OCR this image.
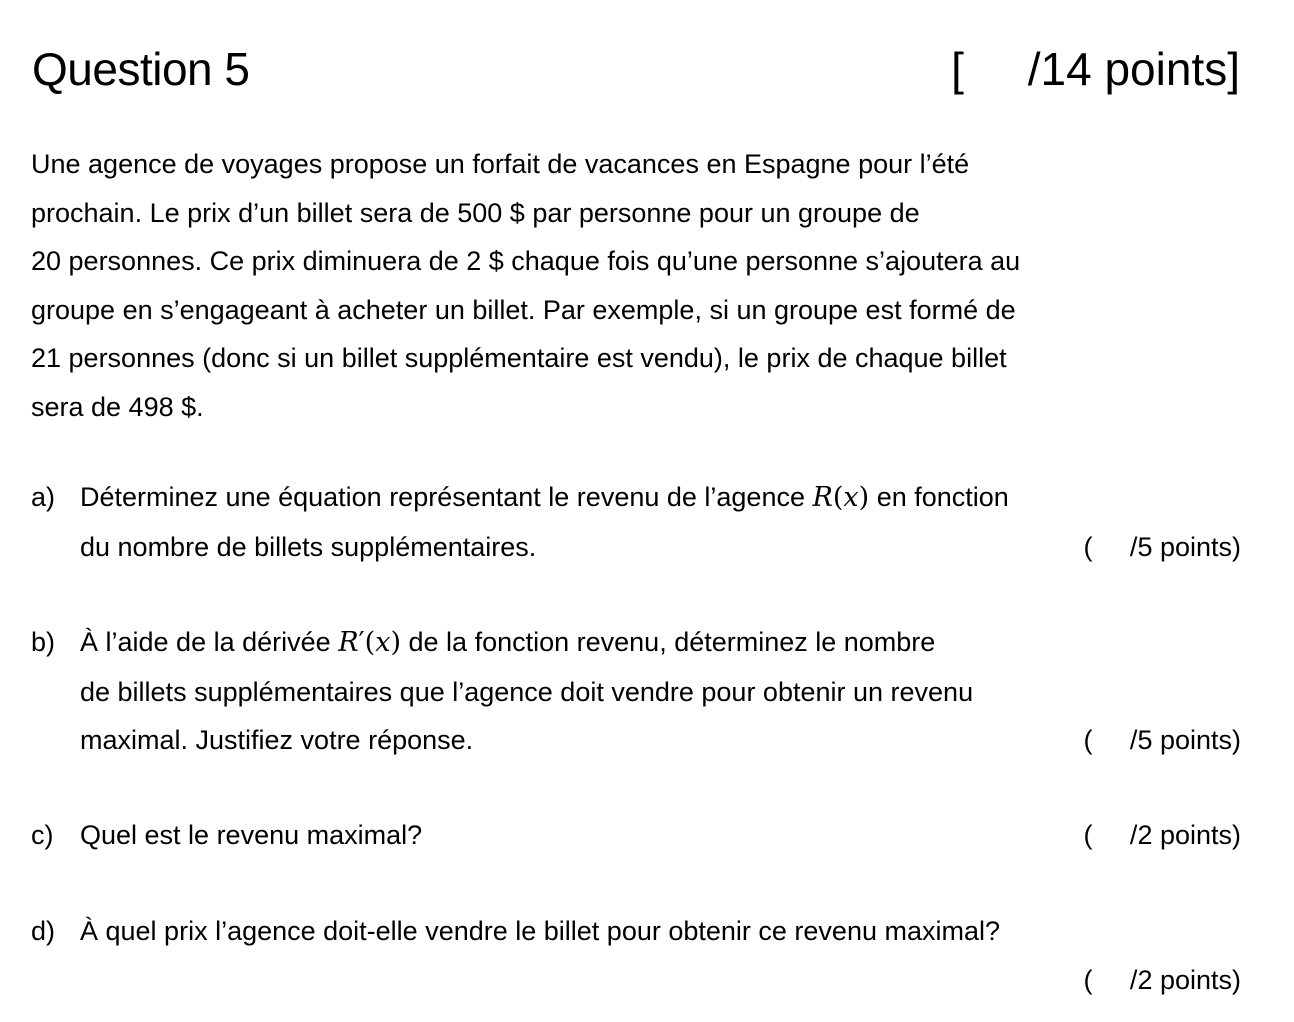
Question 5	[     /14 points]

Une agence de voyages propose un forfait de vacances en Espagne pour l’été

prochain. Le prix d’un billet sera de 500 $ par personne pour un groupe de

20 personnes. Ce prix diminuera de 2 $ chaque fois qu’une personne s’ajoutera au

groupe en s’engageant à acheter un billet. Par exemple, si un groupe est formé de

21 personnes (donc si un billet supplémentaire est vendu), le prix de chaque billet

sera de 498 $.

a) Déterminez une équation représentant le revenu de l’agence R(x) en fonction
du nombre de billets supplémentaires.	(     /5 points)
b) À l’aide de la dérivée R′(x) de la fonction revenu, déterminez le nombre
de billets supplémentaires que l’agence doit vendre pour obtenir un revenu
maximal. Justifiez votre réponse.	(     /5 points)
c) Quel est le revenu maximal?	(     /2 points)
d) À quel prix l’agence doit-elle vendre le billet pour obtenir ce revenu maximal?
(     /2 points)
